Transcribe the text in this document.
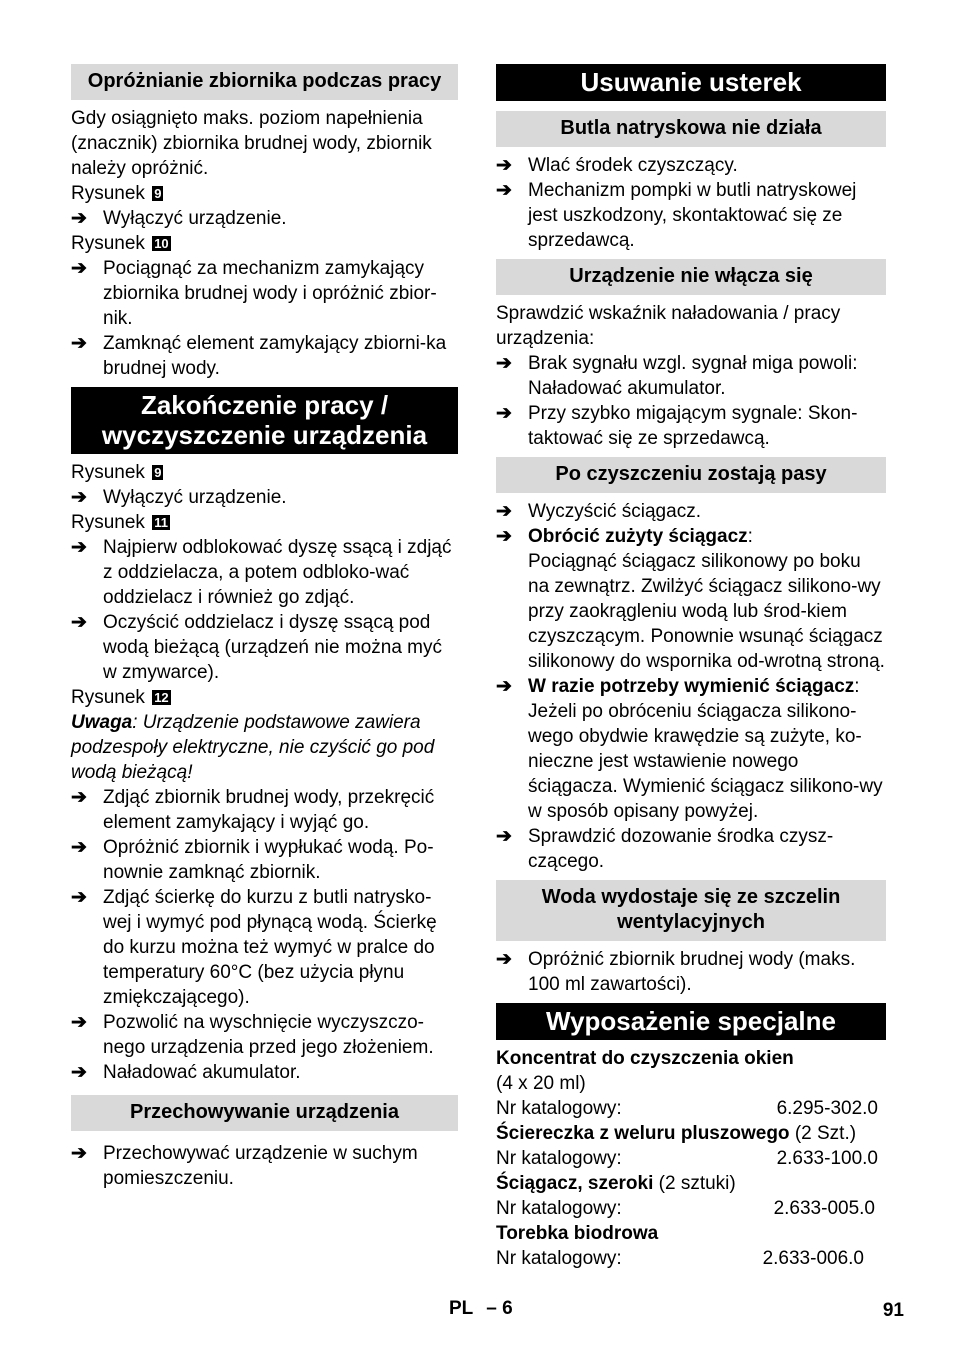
Opróżnianie zbiornika podczas pracy
Gdy osiągnięto maks. poziom napełnienia (znacznik) zbiornika brudnej wody, zbiornik należy opróżnić.
Rysunek 9
➔ Wyłączyć urządzenie.
Rysunek 10
➔ Pociągnąć za mechanizm zamykający zbiornika brudnej wody i opróżnić zbior-nik.
➔ Zamknąć element zamykający zbiorni-ka brudnej wody.
Zakończenie pracy / wyczyszczenie urządzenia
Rysunek 9
➔ Wyłączyć urządzenie.
Rysunek 11
➔ Najpierw odblokować dyszę ssącą i zdjąć z oddzielacza, a potem odbloko-wać oddzielacz i również go zdjąć.
➔ Oczyścić oddzielacz i dyszę ssącą pod wodą bieżącą (urządzeń nie można myć w zmywarce).
Rysunek 12
Uwaga: Urządzenie podstawowe zawiera podzespoły elektryczne, nie czyścić go pod wodą bieżącą!
➔ Zdjąć zbiornik brudnej wody, przekręcić element zamykający i wyjąć go.
➔ Opróżnić zbiornik i wypłukać wodą. Po-nownie zamknąć zbiornik.
➔ Zdjąć ścierkę do kurzu z butli natrysko-wej i wymyć pod płynącą wodą. Ścierkę do kurzu można też wymyć w pralce do temperatury 60°C (bez użycia płynu zmiękczającego).
➔ Pozwolić na wyschnięcie wyczyszczo-nego urządzenia przed jego złożeniem.
➔ Naładować akumulator.
Przechowywanie urządzenia
➔ Przechowywać urządzenie w suchym pomieszczeniu.
Usuwanie usterek
Butla natryskowa nie działa
➔ Wlać środek czyszczący.
➔ Mechanizm pompki w butli natryskowej jest uszkodzony, skontaktować się ze sprzedawcą.
Urządzenie nie włącza się
Sprawdzić wskaźnik naładowania / pracy urządzenia:
➔ Brak sygnału wzgl. sygnał miga powoli: Naładować akumulator.
➔ Przy szybko migającym sygnale: Skon-taktować się ze sprzedawcą.
Po czyszczeniu zostają pasy
➔ Wyczyścić ściągacz.
➔ Obrócić zużyty ściągacz:
Pociągnąć ściągacz silikonowy po boku na zewnątrz. Zwilżyć ściągacz silikono-wy przy zaokrągleniu wodą lub środ-kiem czyszczącym. Ponownie wsunąć ściągacz silikonowy do wspornika od-wrotną stroną.
➔ W razie potrzeby wymienić ściągacz:
Jeżeli po obróceniu ściągacza silikono-wego obydwie krawędzie są zużyte, ko-nieczne jest wstawienie nowego ściągacza. Wymienić ściągacz silikono-wy w sposób opisany powyżej.
➔ Sprawdzić dozowanie środka czysz-czącego.
Woda wydostaje się ze szczelin wentylacyjnych
➔ Opróżnić zbiornik brudnej wody (maks. 100 ml zawartości).
Wyposażenie specjalne
Koncentrat do czyszczenia okien
(4 x 20 ml)
Nr katalogowy:	6.295-302.0
Ściereczka z weluru pluszowego (2 Szt.)
Nr katalogowy:	2.633-100.0
Ściągacz, szeroki (2 sztuki)
Nr katalogowy:	2.633-005.0
Torebka biodrowa
Nr katalogowy:	2.633-006.0
PL – 6	91
